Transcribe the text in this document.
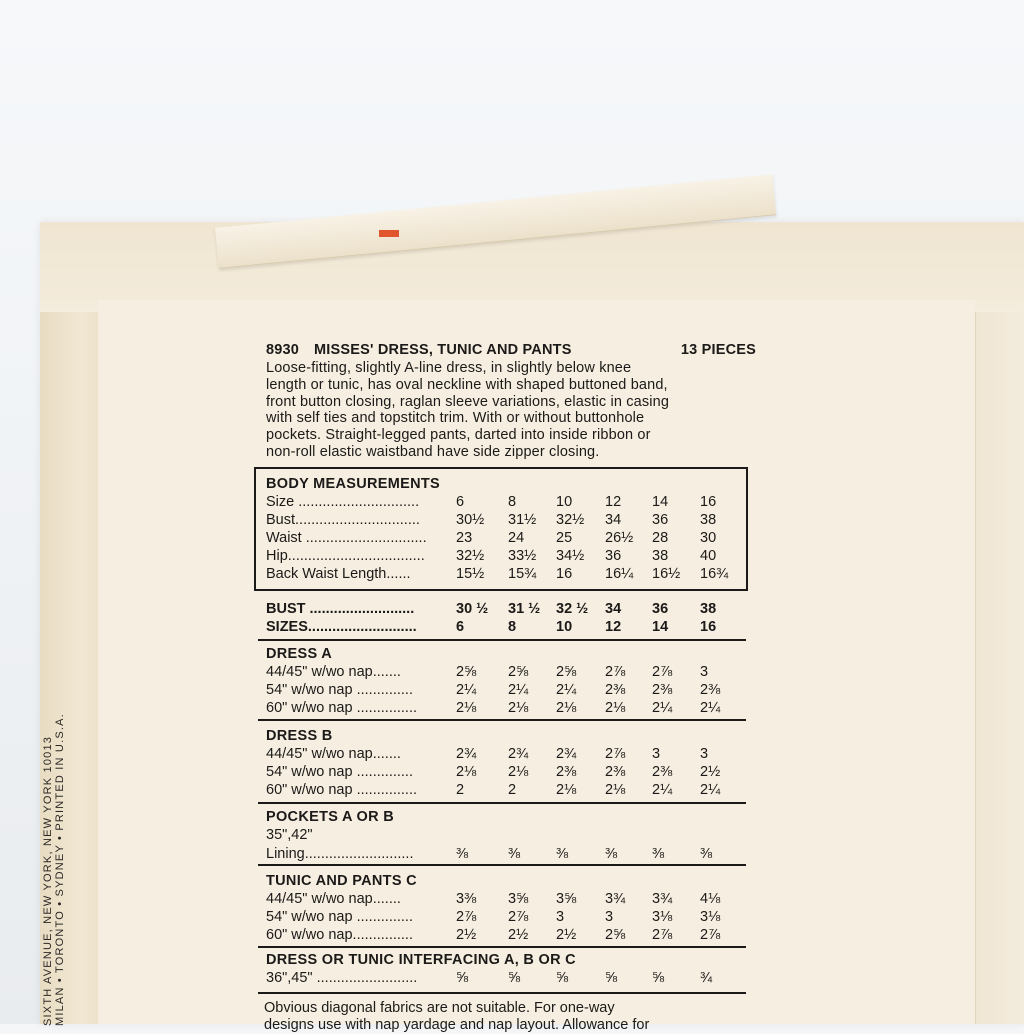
SIXTH AVENUE, NEW YORK, NEW YORK 10013 MILAN • TORONTO • SYDNEY • PRINTED IN U.S.A.
8930	MISSES' DRESS, TUNIC AND PANTS	13 PIECES
Loose-fitting, slightly A-line dress, in slightly below knee
length or tunic, has oval neckline with shaped buttoned band,
front button closing, raglan sleeve variations, elastic in casing
with self ties and topstitch trim. With or without buttonhole
pockets. Straight-legged pants, darted into inside ribbon or
non-roll elastic waistband have side zipper closing.
BODY MEASUREMENTS
Size ..............................	6	8	10	12	14	16
Bust............................... 30½	31½	32½	34	36	38
Waist .............................. 23	24	25	26½	28	30
Hip.................................. 32½	33½	34½	36	38	40
Back Waist Length......	15½	15¾	16	16¼	16½	16¾
BUST ..........................	30 ½	31 ½	32 ½	34	36	38
SIZES...........................	6	8	10	12	14	16
DRESS A
44/45" w/wo nap.......	2⅝	2⅝	2⅝	2⅞	2⅞	3
54" w/wo nap ..............	2¼	2¼	2¼	2⅜	2⅜	2⅜
60" w/wo nap ...............	2⅛	2⅛	2⅛	2⅛	2¼	2¼
DRESS B
44/45" w/wo nap.......	2¾	2¾	2¾	2⅞	3	3
54" w/wo nap ..............	2⅛	2⅛	2⅜	2⅜	2⅜	2½
60" w/wo nap ...............	2	2	2⅛	2⅛	2¼	2¼
POCKETS A OR B
35",42"
Lining...........................	⅜	⅜	⅜	⅜	⅜	⅜
TUNIC AND PANTS C
44/45" w/wo nap.......	3⅜	3⅝	3⅝	3¾	3¾	4⅛
54" w/wo nap ..............	2⅞	2⅞	3	3	3⅛	3⅛
60" w/wo nap...............	2½	2½	2½	2⅝	2⅞	2⅞
DRESS OR TUNIC INTERFACING A, B OR C
36",45" .........................	⅝	⅝	⅝	⅝	⅝	¾
Obvious diagonal fabrics are not suitable. For one-way
designs use with nap yardage and nap layout. Allowance for
